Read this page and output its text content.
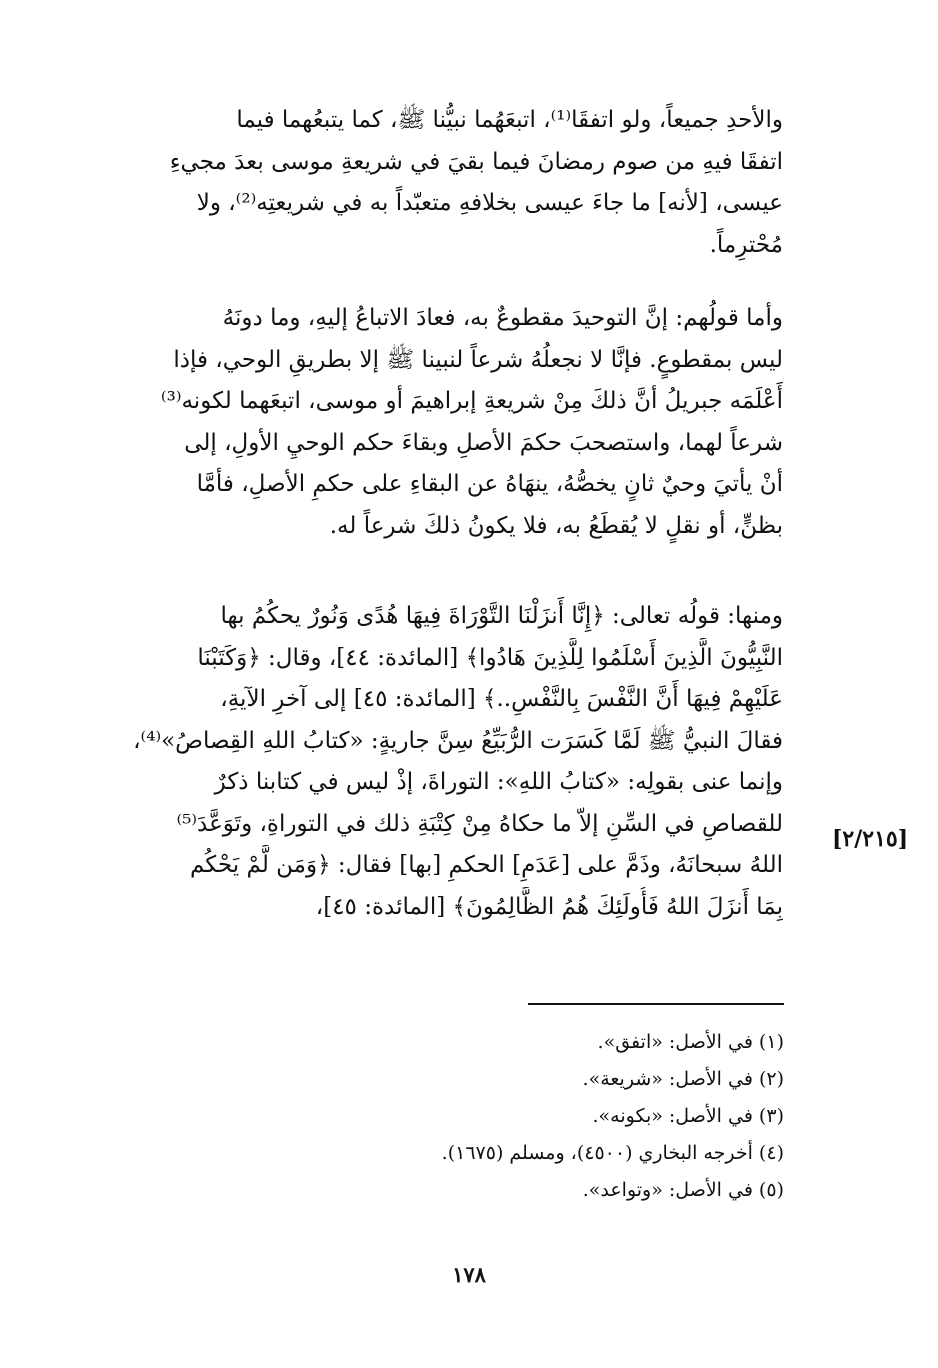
والأحدِ جميعاً، ولو اتفقَا⁽¹⁾، اتبعَهُما نبيُّنا ﷺ، كما يتبعُهما فيما
اتفقَا فيهِ من صوم رمضانَ فيما بقيَ في شريعةِ موسى بعدَ مجيءِ
عيسى، [لأنه] ما جاءَ عيسى بخلافهِ متعبّداً به في شريعتِه⁽²⁾، ولا
مُحْترِماً.
وأما قولُهم: إنَّ التوحيدَ مقطوعٌ به، فعادَ الاتباعُ إليهِ، وما دونَهُ
ليس بمقطوعٍ. فإنَّا لا نجعلُهُ شرعاً لنبينا ﷺ إلا بطريقِ الوحي، فإذا
أَعْلَمَه جبريلُ أنَّ ذلكَ مِنْ شريعةِ إبراهيمَ أو موسى، اتبعَهما لكونه⁽³⁾
شرعاً لهما، واستصحبَ حكمَ الأصلِ وبقاءَ حكم الوحيِ الأولِ، إلى
أنْ يأتيَ وحيٌ ثانٍ يخصُّهُ، ينهَاهُ عن البقاءِ على حكمِ الأصلِ، فأمَّا
بظنٍّ، أو نقلٍ لا يُقطَعُ به، فلا يكونُ ذلكَ شرعاً له.
ومنها: قولُه تعالى: ﴿إِنَّا أَنزَلْنَا التَّوْرَاةَ فِيهَا هُدًى وَنُورٌ يحكُمُ بها
النَّبِيُّونَ الَّذِينَ أَسْلَمُوا لِلَّذِينَ هَادُوا﴾ [المائدة: ٤٤]، وقال: ﴿وَكَتَبْنَا
عَلَيْهِمْ فِيهَا أَنَّ النَّفْسَ بِالنَّفْسِ..﴾ [المائدة: ٤٥] إلى آخرِ الآيةِ،
فقالَ النبيُّ ﷺ لَمَّا كَسَرَت الرُّبَيِّعُ سِنَّ جاريةٍ: «كتابُ اللهِ القِصاصُ»⁽⁴⁾،
وإنما عنى بقولِه: «كتابُ اللهِ»: التوراةَ، إذْ ليس في كتابنا ذكرٌ
للقصاصِ في السِّنِ إلاّ ما حكاهُ مِنْ كِتْبَةِ ذلك في التوراةِ، وتَوَعَّدَ⁽⁵⁾
اللهُ سبحانَهُ، وذَمَّ على [عَدَمِ] الحكمِ [بها] فقال: ﴿وَمَن لَّمْ يَحْكُم
بِمَا أَنزَلَ اللهُ فَأُولَئِكَ هُمُ الظَّالِمُونَ﴾ [المائدة: ٤٥]،
[٢/٢١٥]
(١) في الأصل: «اتفق».
(٢) في الأصل: «شريعة».
(٣) في الأصل: «بكونه».
(٤) أخرجه البخاري (٤٥٠٠)، ومسلم (١٦٧٥).
(٥) في الأصل: «وتواعد».
١٧٨
